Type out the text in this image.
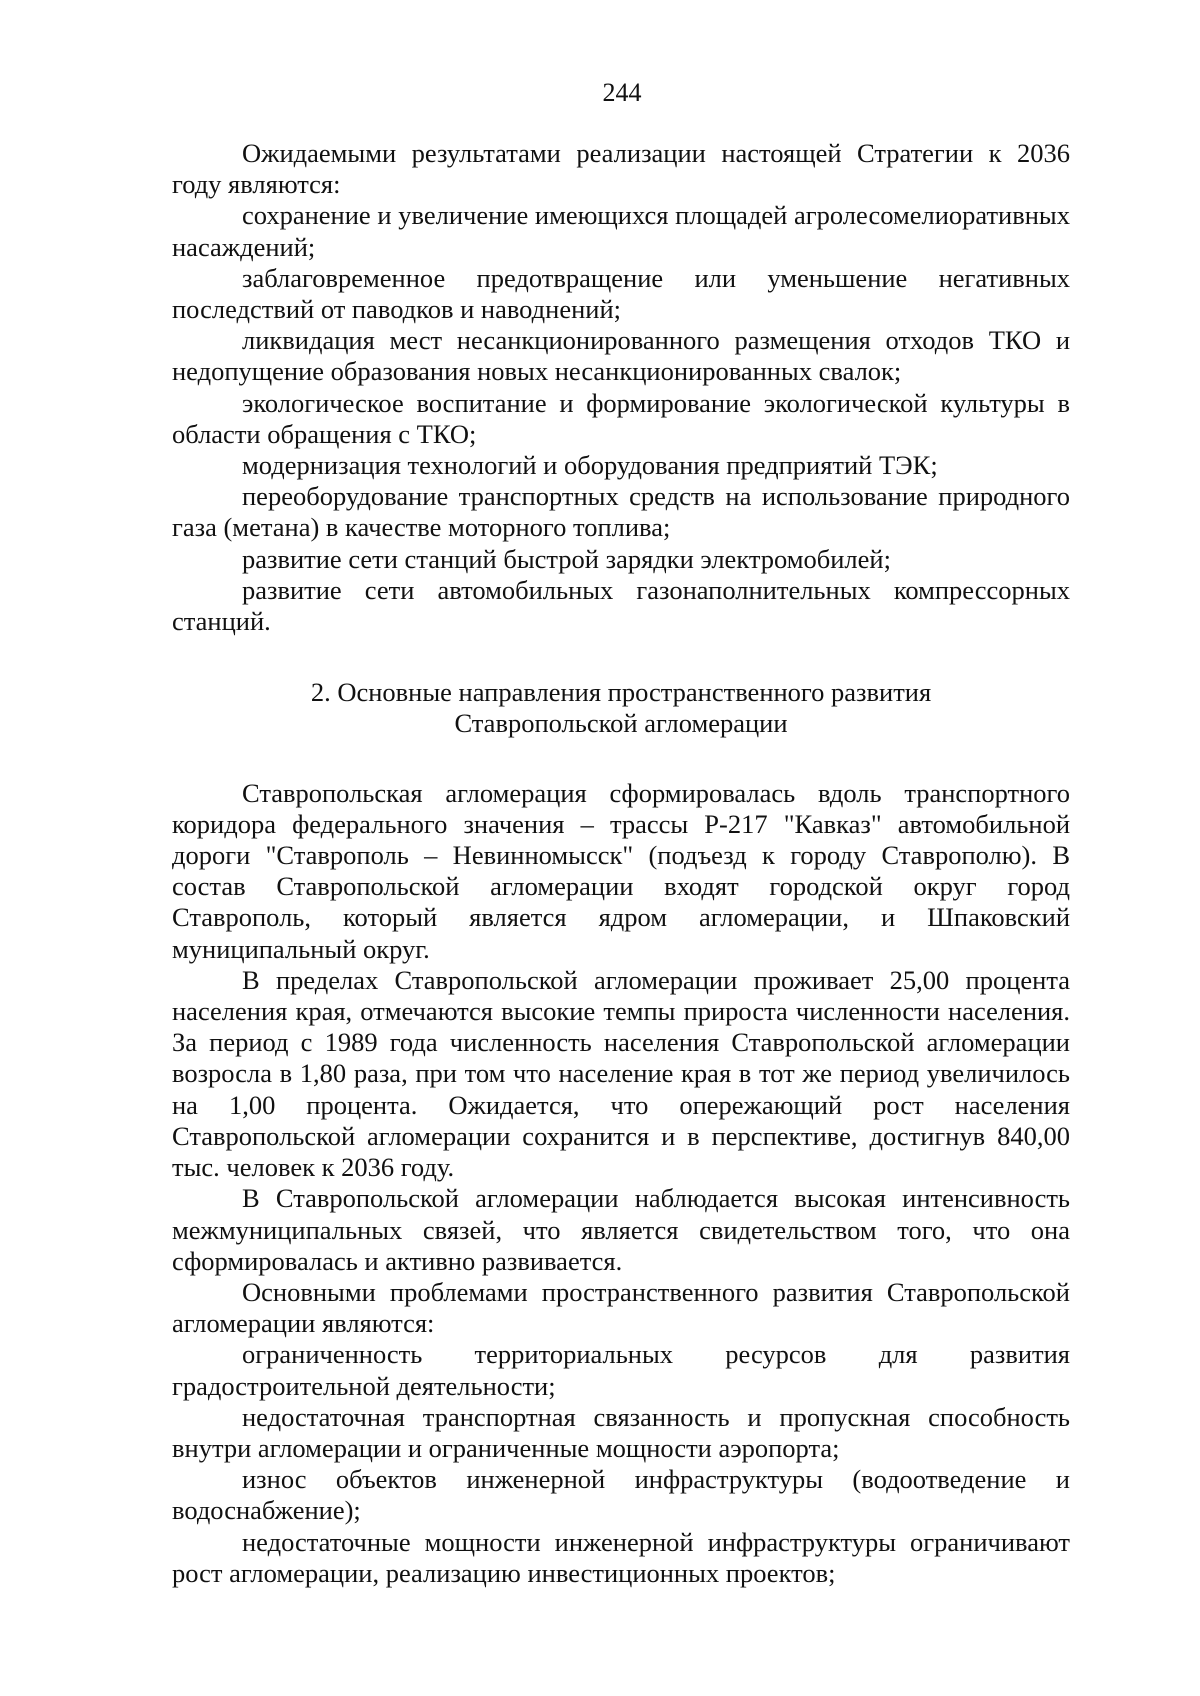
244

Ожидаемыми результатами реализации настоящей Стратегии к 2036 году являются:

сохранение и увеличение имеющихся площадей агролесомелиоративных насаждений;

заблаговременное предотвращение или уменьшение негативных последствий от паводков и наводнений;

ликвидация мест несанкционированного размещения отходов ТКО и недопущение образования новых несанкционированных свалок;

экологическое воспитание и формирование экологической культуры в области обращения с ТКО;

модернизация технологий и оборудования предприятий ТЭК;

переоборудование транспортных средств на использование природного газа (метана) в качестве моторного топлива;

развитие сети станций быстрой зарядки электромобилей;

развитие сети автомобильных газонаполнительных компрессорных станций.

2. Основные направления пространственного развития
Ставропольской агломерации

Ставропольская агломерация сформировалась вдоль транспортного коридора федерального значения – трассы Р-217 "Кавказ" автомобильной дороги "Ставрополь – Невинномысск" (подъезд к городу Ставрополю). В состав Ставропольской агломерации входят городской округ город Ставрополь, который является ядром агломерации, и Шпаковский муниципальный округ.

В пределах Ставропольской агломерации проживает 25,00 процента населения края, отмечаются высокие темпы прироста численности населения. За период с 1989 года численность населения Ставропольской агломерации возросла в 1,80 раза, при том что население края в тот же период увеличилось на 1,00 процента. Ожидается, что опережающий рост населения Ставропольской агломерации сохранится и в перспективе, достигнув 840,00 тыс. человек к 2036 году.

В Ставропольской агломерации наблюдается высокая интенсивность межмуниципальных связей, что является свидетельством того, что она сформировалась и активно развивается.

Основными проблемами пространственного развития Ставропольской агломерации являются:

ограниченность территориальных ресурсов для развития градостроительной деятельности;

недостаточная транспортная связанность и пропускная способность внутри агломерации и ограниченные мощности аэропорта;

износ объектов инженерной инфраструктуры (водоотведение и водоснабжение);

недостаточные мощности инженерной инфраструктуры ограничивают рост агломерации, реализацию инвестиционных проектов;
